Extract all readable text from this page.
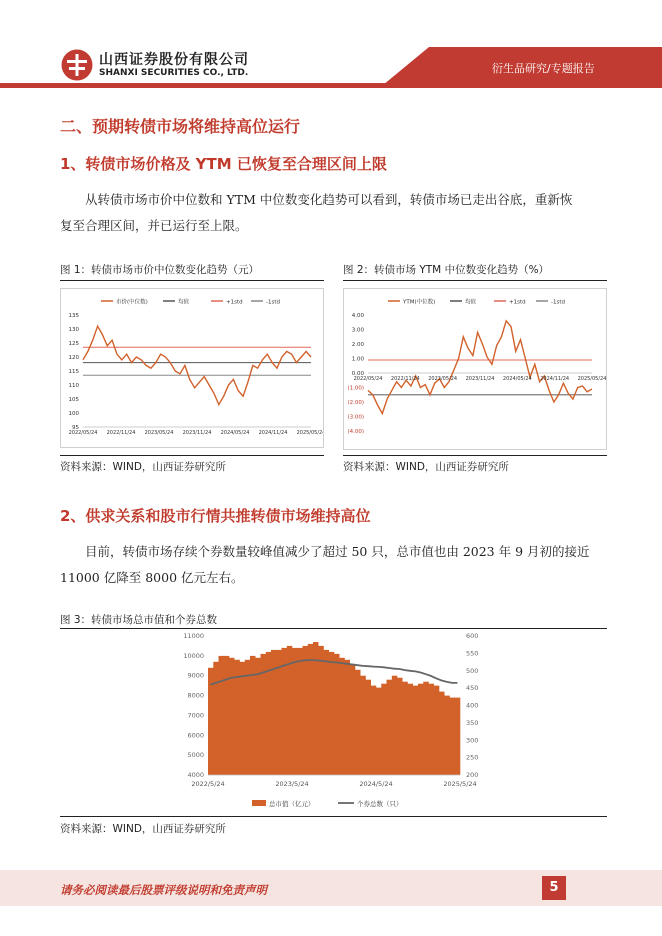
山西证券股份有限公司
SHANXI SECURITIES CO., LTD.	衍生品研究/专题报告
二、预期转债市场将维持高位运行
1、转债市场价格及 YTM 已恢复至合理区间上限
从转债市场市价中位数和 YTM 中位数变化趋势可以看到，转债市场已走出谷底，重新恢
复至合理区间，并已运行至上限。
图 1：转债市场市价中位数变化趋势（元）
市价(中位数)	均值	+1std	-1std
95
100
105
110
115
120
125
130
135
2022/05/24 2022/11/24 2023/05/24 2023/11/24 2024/05/24 2024/11/24 2025/05/24
资料来源：WIND，山西证券研究所
图 2：转债市场 YTM 中位数变化趋势（%）
YTM(中位数)	均值	+1std	-1std
4.00
3.00
2.00
1.00
0.00
(1.00)
(2.00)
(3.00)
(4.00)
2022/05/24 2022/11/24 2023/05/24 2023/11/24 2024/05/24 2024/11/24 2025/05/24
资料来源：WIND，山西证券研究所
2、供求关系和股市行情共推转债市场维持高位
目前，转债市场存续个券数量较峰值减少了超过 50 只，总市值也由 2023 年 9 月初的接近
11000 亿降至 8000 亿元左右。
图 3：转债市场总市值和个券总数
4000
5000
6000
7000
8000
9000
10000
11000
200
250
300
350
400
450
500
550
600
2022/5/24	2023/5/24	2024/5/24	2025/5/24
总市值（亿元）	个券总数（只）
资料来源：WIND，山西证券研究所
请务必阅读最后股票评级说明和免责声明	5
